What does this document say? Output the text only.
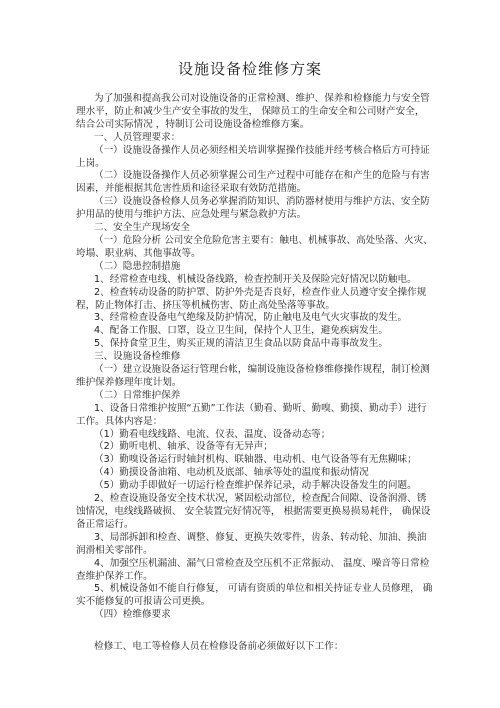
设施设备检维修方案

为了加强和提高我公司对设施设备的正常检测、维护、保养和检修能力与安全管理水平，防止和减少生产安全事故的发生， 保障员工的生命安全和公司财产安全， 结合公司实际情况 ，特制订公司设施设备检维修方案。

一、人员管理要求：

（一）设施设备操作人员必须经相关培训掌握操作技能并经考核合格后方可持证上岗。

（二）设施设备操作人员必须掌握公司生产过程中可能存在和产生的危险与有害因素，并能根据其危害性质和途径采取有效防范措施。

（三）设施设备检修人员务必掌握消防知识、消防器材使用与维护方法、安全防护用品的使用与维护方法、应急处理与紧急救护方法。

二、安全生产现场安全

（一）危险分析 公司安全危险危害主要有：触电、机械事故、高处坠落、火灾、垮塌、职业病、其他事故等。

（二）隐患控制措施

1、经常检查电线、机械设备线路，检查控制开关及保险完好情况以防触电。

2、检查转动设备的防护罩、防护外壳是否良好，检查作业人员遵守安全操作规程，防止物体打击、挤压等机械伤害、防止高处坠落等事故。

3、经常检查设备电气绝缘及防护情况，防止触电及电气火灾事故的发生。

4、配备工作服、口罩，设立卫生间，保持个人卫生，避免疾病发生。

5、保持食堂卫生，购买正规的清洁卫生食品以防食品中毒事故发生。

三、设施设备检维修

（一）建立设施设备运行管理台帐，编制设施设备检修维修操作规程，制订检测维护保养修理年度计划。

（二）日常维护保养

1、设备日常维护按照“五勤”工作法（勤看、勤听、勤嗅、勤摸、勤动手）进行工作。具体内容是：

（1）勤看电线线路、电流、仪表、温度、设备动态等；

（2）勤听电机、轴承、设备等有无异声；

（3）勤嗅设备运行时轴封机构、联轴器、电动机、电气设备等有无焦糊味；

（4）勤摸设备油箱、电动机及底部、轴承等处的温度和振动情况

（5）勤动手即做好一切运行检查维护保养记录，动手解决设备发生的问题。

2、检查设施设备安全技术状况，紧固松动部位，检查配合间隙、设备润滑、锈蚀情况，电线线路破损、 安全装置完好情况等， 根据需要更换易损易耗件， 确保设备正常运行。

3、局部拆卸和检查、调整、修复、更换失效零件，齿条、转动轮、加油、换油润滑相关零部件。

4、加强空压机漏油、漏气日常检查及空压机不正常振动、 温度、噪音等日常检查维护保养工作。

5、机械设备如不能自行修复， 可请有资质的单位和相关持证专业人员修理， 确实不能修复的可报请公司更换。

（四）检维修要求

检修工、电工等检修人员在检修设备前必须做好以下工作：
